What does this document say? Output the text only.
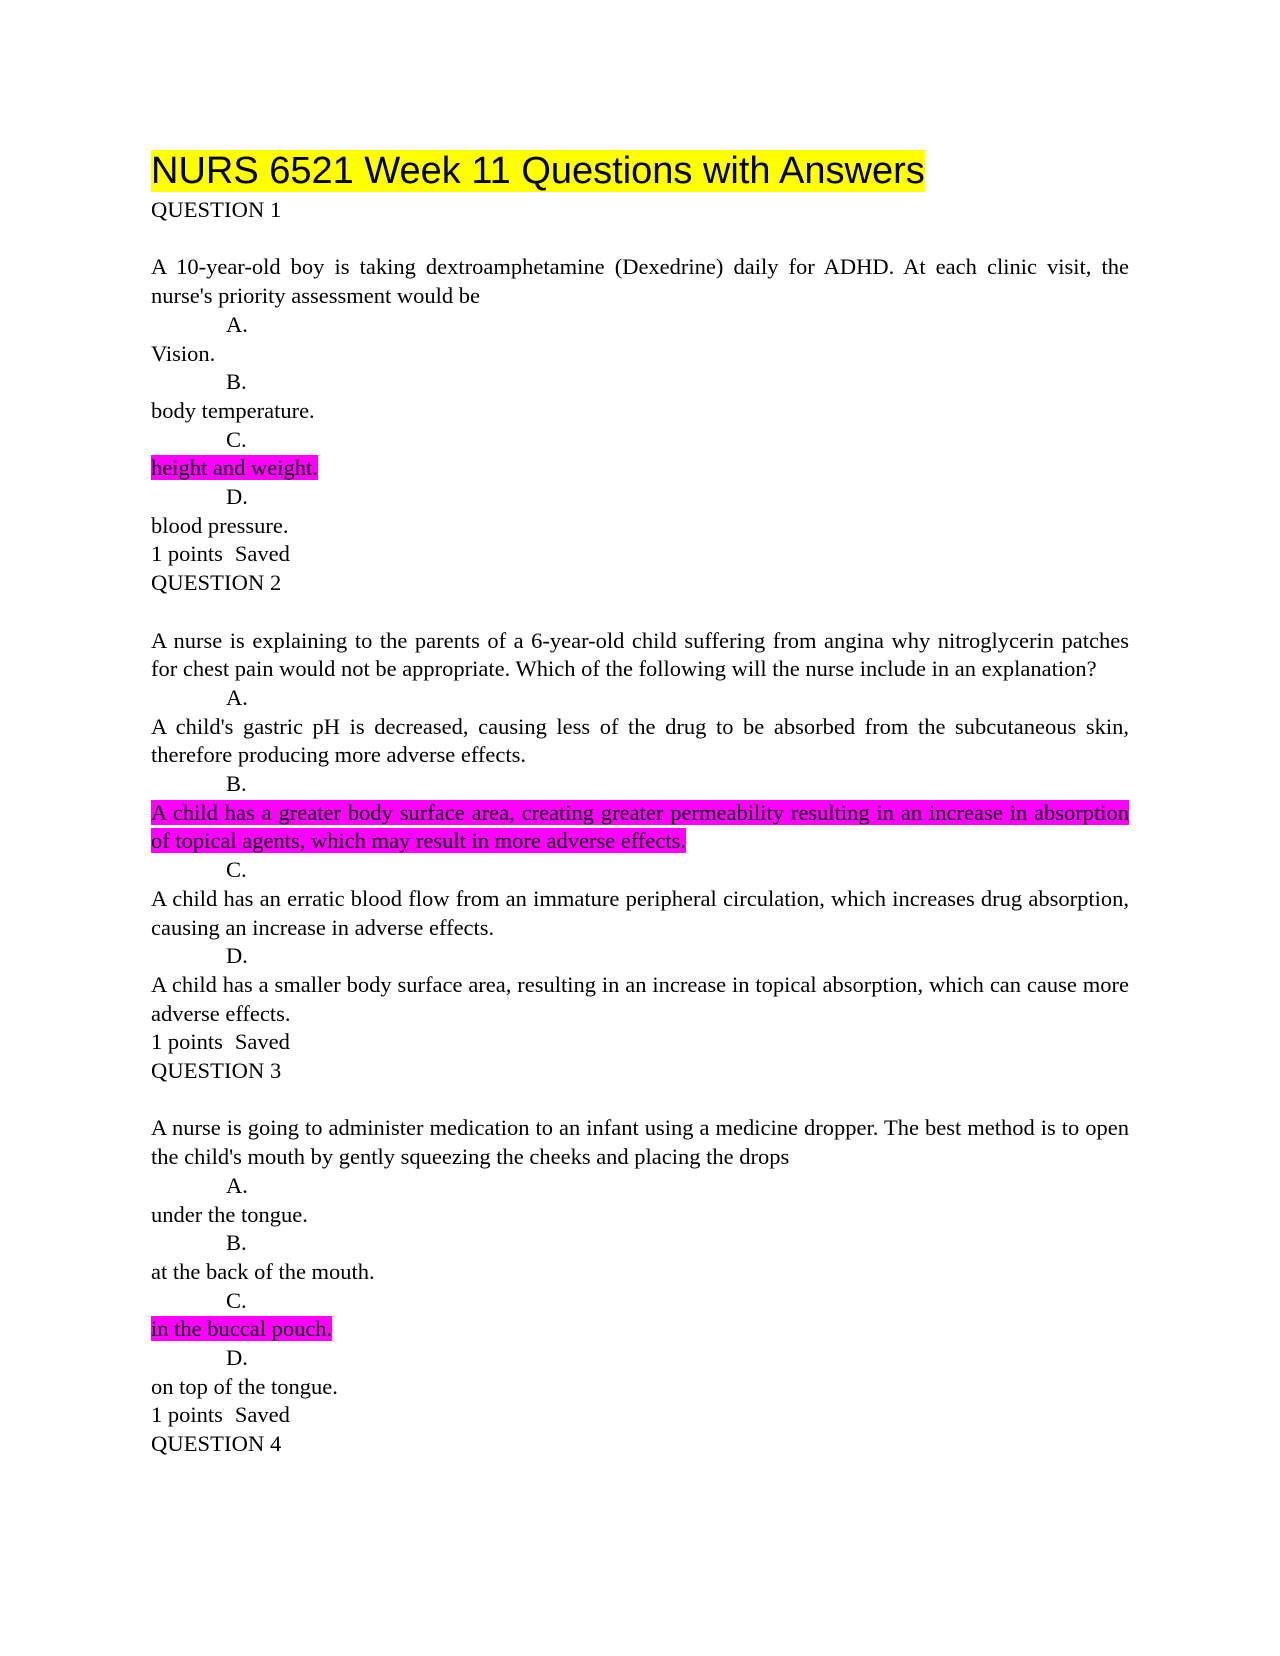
NURS 6521 Week 11 Questions with Answers
QUESTION 1
A 10-year-old boy is taking dextroamphetamine (Dexedrine) daily for ADHD. At each clinic visit, the nurse's priority assessment would be
A.
Vision.
B.
body temperature.
C.
height and weight.
D.
blood pressure.
1 points Saved
QUESTION 2
A nurse is explaining to the parents of a 6-year-old child suffering from angina why nitroglycerin patches for chest pain would not be appropriate. Which of the following will the nurse include in an explanation?
A.
A child's gastric pH is decreased, causing less of the drug to be absorbed from the subcutaneous skin, therefore producing more adverse effects.
B.
A child has a greater body surface area, creating greater permeability resulting in an increase in absorption of topical agents, which may result in more adverse effects.
C.
A child has an erratic blood flow from an immature peripheral circulation, which increases drug absorption, causing an increase in adverse effects.
D.
A child has a smaller body surface area, resulting in an increase in topical absorption, which can cause more adverse effects.
1 points Saved
QUESTION 3
A nurse is going to administer medication to an infant using a medicine dropper. The best method is to open the child's mouth by gently squeezing the cheeks and placing the drops
A.
under the tongue.
B.
at the back of the mouth.
C.
in the buccal pouch.
D.
on top of the tongue.
1 points Saved
QUESTION 4
